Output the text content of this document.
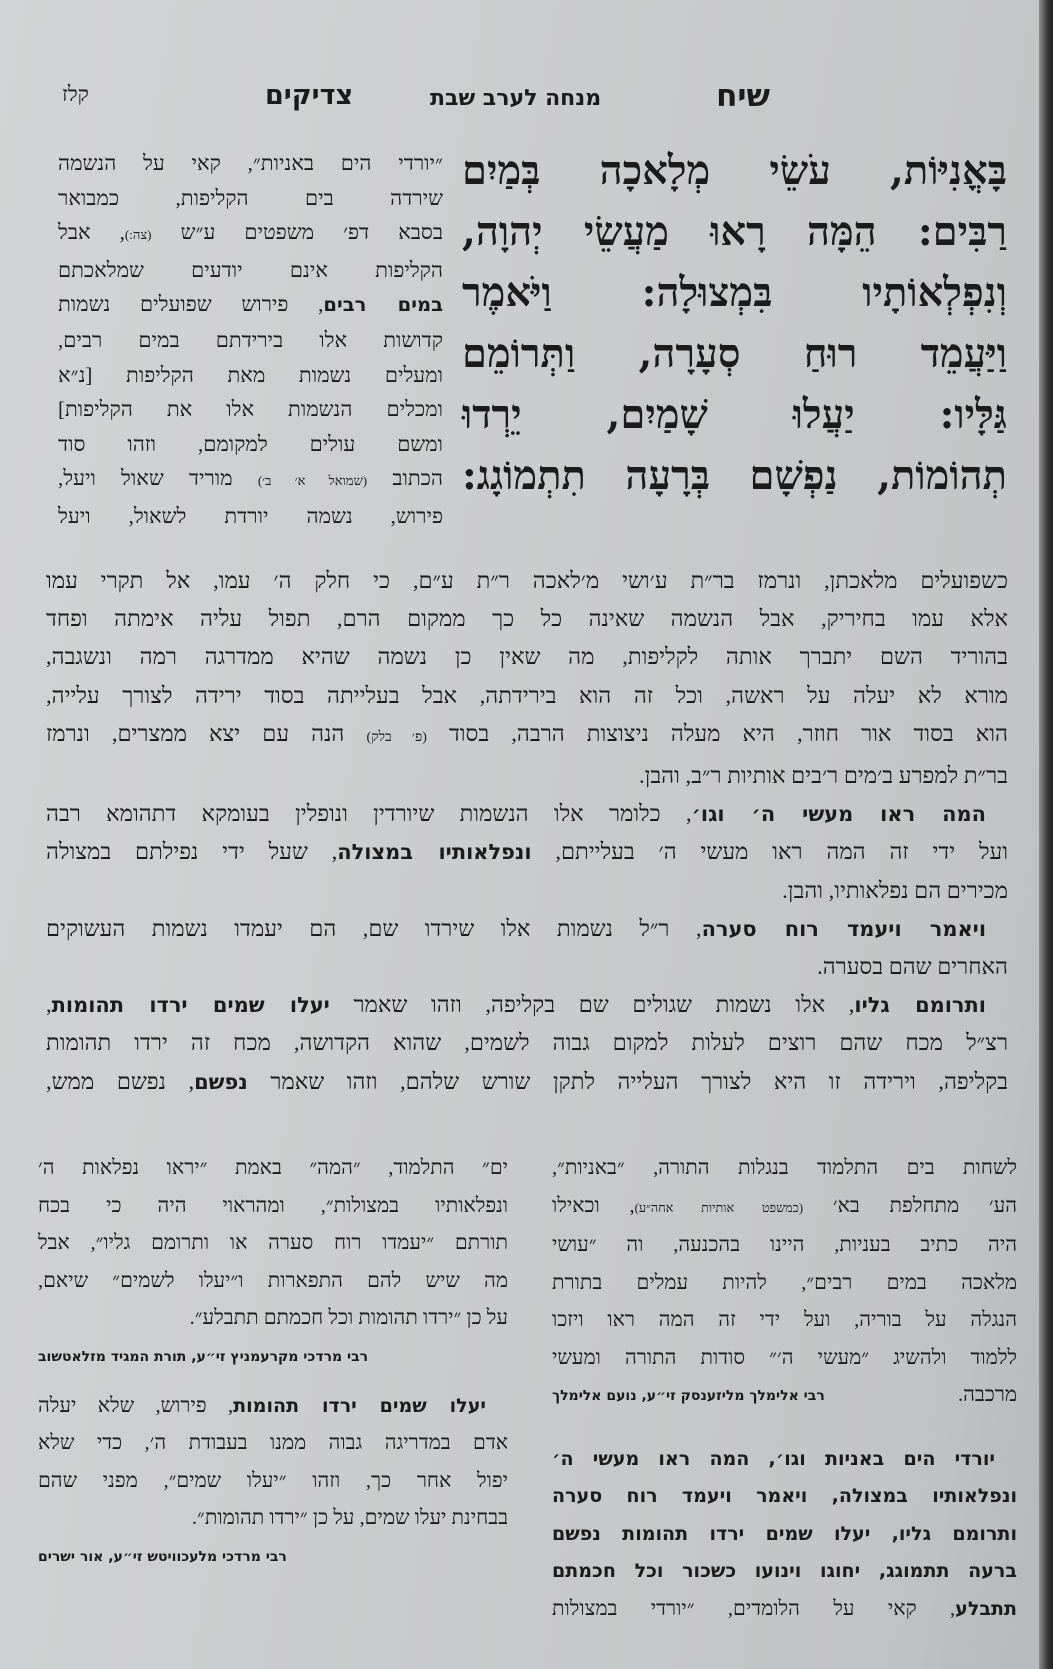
שיח
מנחה לערב שבת
צדיקים
קלז
בָּאֳנִיּוֹת, עֹשֵׂי מְלָאכָה בְּמַיִם
רַבִּים: הֵמָּה רָאוּ מַעֲשֵׂי יְהוָה,
וְנִפְלְאוֹתָיו בִּמְצוּלָה: וַיֹּאמֶר
וַיַּעֲמֵד רוּחַ סְעָרָה, וַתְּרוֹמֵם
גַּלָּיו: יַעֲלוּ שָׁמַיִם, יֵרְדוּ
תְהוֹמוֹת, נַפְשָׁם בְּרָעָה תִתְמוֹגָג:
״יורדי הים באניות״, קאי על הנשמה
שירדה בים הקליפות, כמבואר
בסבא דפ׳ משפטים ע״ש (צה:), אבל
הקליפות אינם יודעים שמלאכתם
במים רבים, פירוש שפועלים נשמות
קדושות אלו בירידתם במים רבים,
ומעלים נשמות מאת הקליפות [נ״א
ומכלים הנשמות אלו את הקליפות]
ומשם עולים למקומם, וזהו סוד
הכתוב (שמואל א׳ ב׳) מוריד שאול ויעל,
פירוש, נשמה יורדת לשאול, ויעל
כשפועלים מלאכתן, ונרמז בר״ת ע׳ושי מ׳לאכה ר״ת ע״ם, כי חלק ה׳ עמו, אל תקרי עמו
אלא עמו בחיריק, אבל הנשמה שאינה כל כך ממקום הרם, תפול עליה אימתה ופחד
בהוריד השם יתברך אותה לקליפות, מה שאין כן נשמה שהיא ממדרגה רמה ונשגבה,
מורא לא יעלה על ראשה, וכל זה הוא בירידתה, אבל בעלייתה בסוד ירידה לצורך עלייה,
הוא בסוד אור חוזר, היא מעלה ניצוצות הרבה, בסוד (פ׳ בלק) הנה עם יצא ממצרים, ונרמז
בר״ת למפרע ב׳מים ר׳בים אותיות ר״ב, והבן.
המה ראו מעשי ה׳ וגו׳, כלומר אלו הנשמות שיורדין ונופלין בעומקא דתהומא רבה
ועל ידי זה המה ראו מעשי ה׳ בעלייתם, ונפלאותיו במצולה, שעל ידי נפילתם במצולה
מכירים הם נפלאותיו, והבן.
ויאמר ויעמד רוח סערה, ר״ל נשמות אלו שירדו שם, הם יעמדו נשמות העשוקים
האחרים שהם בסערה.
ותרומם גליו, אלו נשמות שגולים שם בקליפה, וזהו שאמר יעלו שמים ירדו תהומות,
רצ״ל מכח שהם רוצים לעלות למקום גבוה לשמים, שהוא הקדושה, מכח זה ירדו תהומות
בקליפה, וירידה זו היא לצורך העלייה לתקן שורש שלהם, וזהו שאמר נפשם, נפשם ממש,
לשחות בים התלמוד בנגלות התורה, ״באניות״,
הע׳ מתחלפת בא׳ (כמשפט אותיות אחה״ע), וכאילו
היה כתיב בעניות, היינו בהכנעה, וה ״עושי
מלאכה במים רבים״, להיות עמלים בתורת
הנגלה על בוריה, ועל ידי זה המה ראו ויזכו
ללמוד ולהשיג ״מעשי ה׳״ סודות התורה ומעשי
מרכבה.
רבי אלימלך מליזענסק זי״ע, נועם אלימלך
יורדי הים באניות וגו׳, המה ראו מעשי ה׳
ונפלאותיו במצולה, ויאמר ויעמד רוח סערה
ותרומם גליו, יעלו שמים ירדו תהומות נפשם
ברעה תתמוגג, יחוגו וינועו כשכור וכל חכמתם
תתבלע, קאי על הלומדים, ״יורדי במצולות
ים״ התלמוד, ״המה״ באמת ״יראו נפלאות ה׳
ונפלאותיו במצולות״, ומהראוי היה כי בכח
תורתם ״יעמדו רוח סערה או ותרומם גליו״, אבל
מה שיש להם התפארות ו״יעלו לשמים״ שיאם,
על כן ״ירדו תהומות וכל חכמתם תתבלע״.
רבי מרדכי מקרעמניץ זי״ע, תורת המגיד מזלאטשוב
יעלו שמים ירדו תהומות, פירוש, שלא יעלה
אדם במדריגה גבוה ממנו בעבודת ה׳, כדי שלא
יפול אחר כך, וזהו ״יעלו שמים״, מפני שהם
בבחינת יעלו שמים, על כן ״ירדו תהומות״.
רבי מרדכי מלעכוויטש זי״ע, אור ישרים
